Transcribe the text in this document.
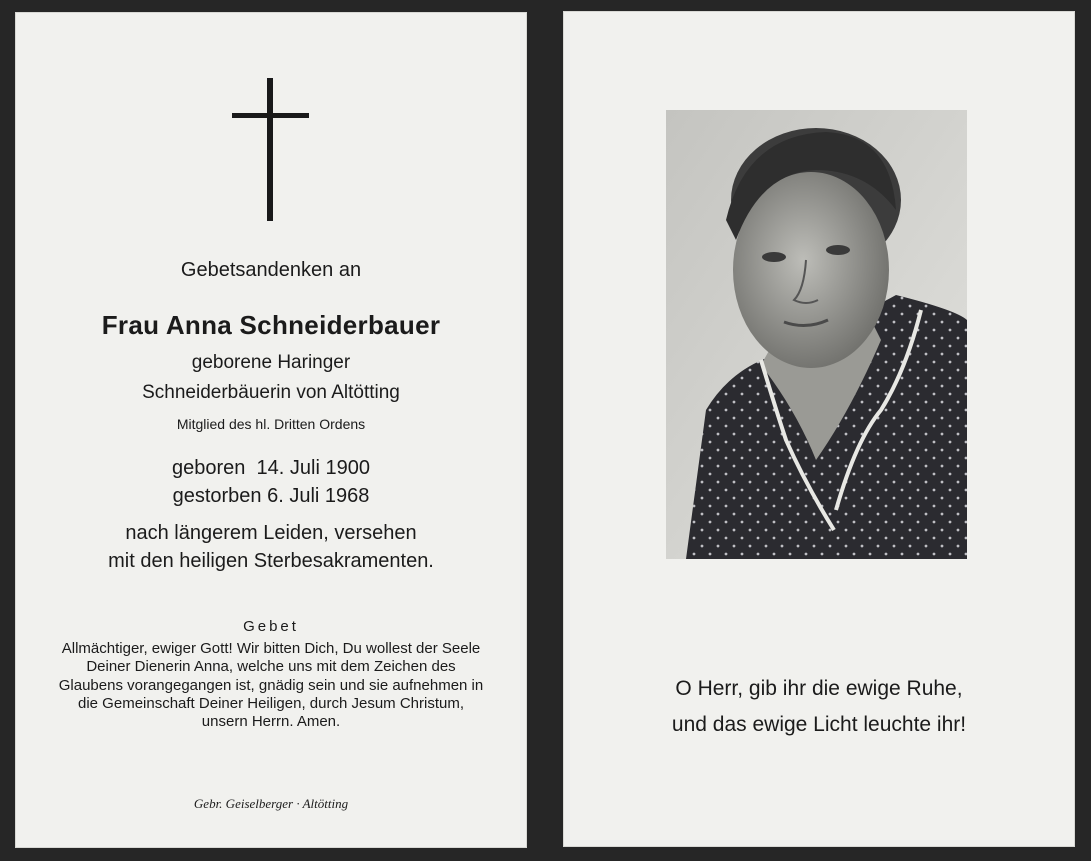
Gebetsandenken an
Frau Anna Schneiderbauer
geborene Haringer
Schneiderbäuerin von Altötting
Mitglied des hl. Dritten Ordens
geboren  14. Juli 1900
gestorben 6. Juli 1968
nach längerem Leiden, versehen
mit den heiligen Sterbesakramenten.
Gebet
Allmächtiger, ewiger Gott! Wir bitten Dich, Du wollest der Seele Deiner Dienerin Anna, welche uns mit dem Zeichen des Glaubens vorangegangen ist, gnädig sein und sie aufnehmen in die Gemeinschaft Deiner Heiligen, durch Jesum Christum, unsern Herrn. Amen.
Gebr. Geiselberger · Altötting
O Herr, gib ihr die ewige Ruhe,
und das ewige Licht leuchte ihr!
